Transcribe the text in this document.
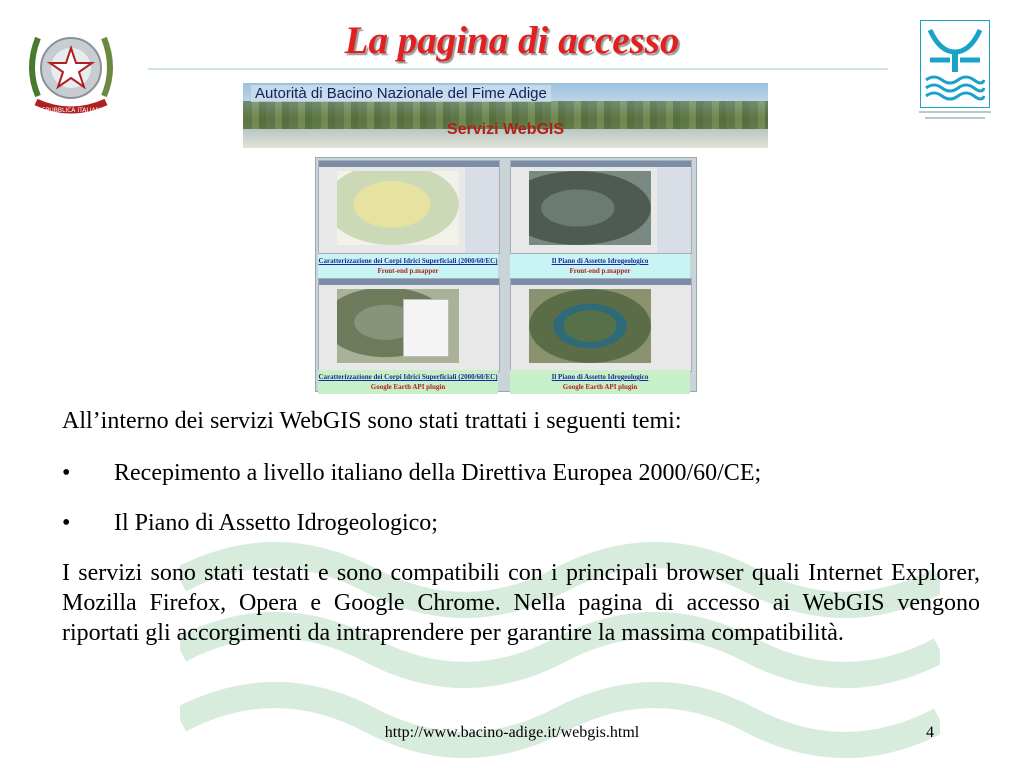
REPUBBLICA ITALIANA
La pagina di accesso
Autorità di Bacino Nazionale del Fime Adige
Servizi WebGIS
Caratterizzazione dei Corpi Idrici Superficiali (2000/60/EC) Front-end p.mapper
Il Piano di Assetto Idrogeologico
Front-end p.mapper
Caratterizzazione dei Corpi Idrici Superficiali (2000/60/EC) Google Earth API plugin
Il Piano di Assetto Idrogeologico
Google Earth API plugin
All’interno dei servizi WebGIS sono stati trattati i seguenti temi:
• Recepimento a livello italiano della Direttiva Europea 2000/60/CE;
• Il Piano di Assetto Idrogeologico;
I servizi sono stati testati e sono compatibili con i principali browser quali Internet Explorer, Mozilla Firefox, Opera e Google Chrome. Nella pagina di accesso ai WebGIS vengono riportati gli accorgimenti da intraprendere per garantire la massima compatibilità.
http://www.bacino-adige.it/webgis.html	4
